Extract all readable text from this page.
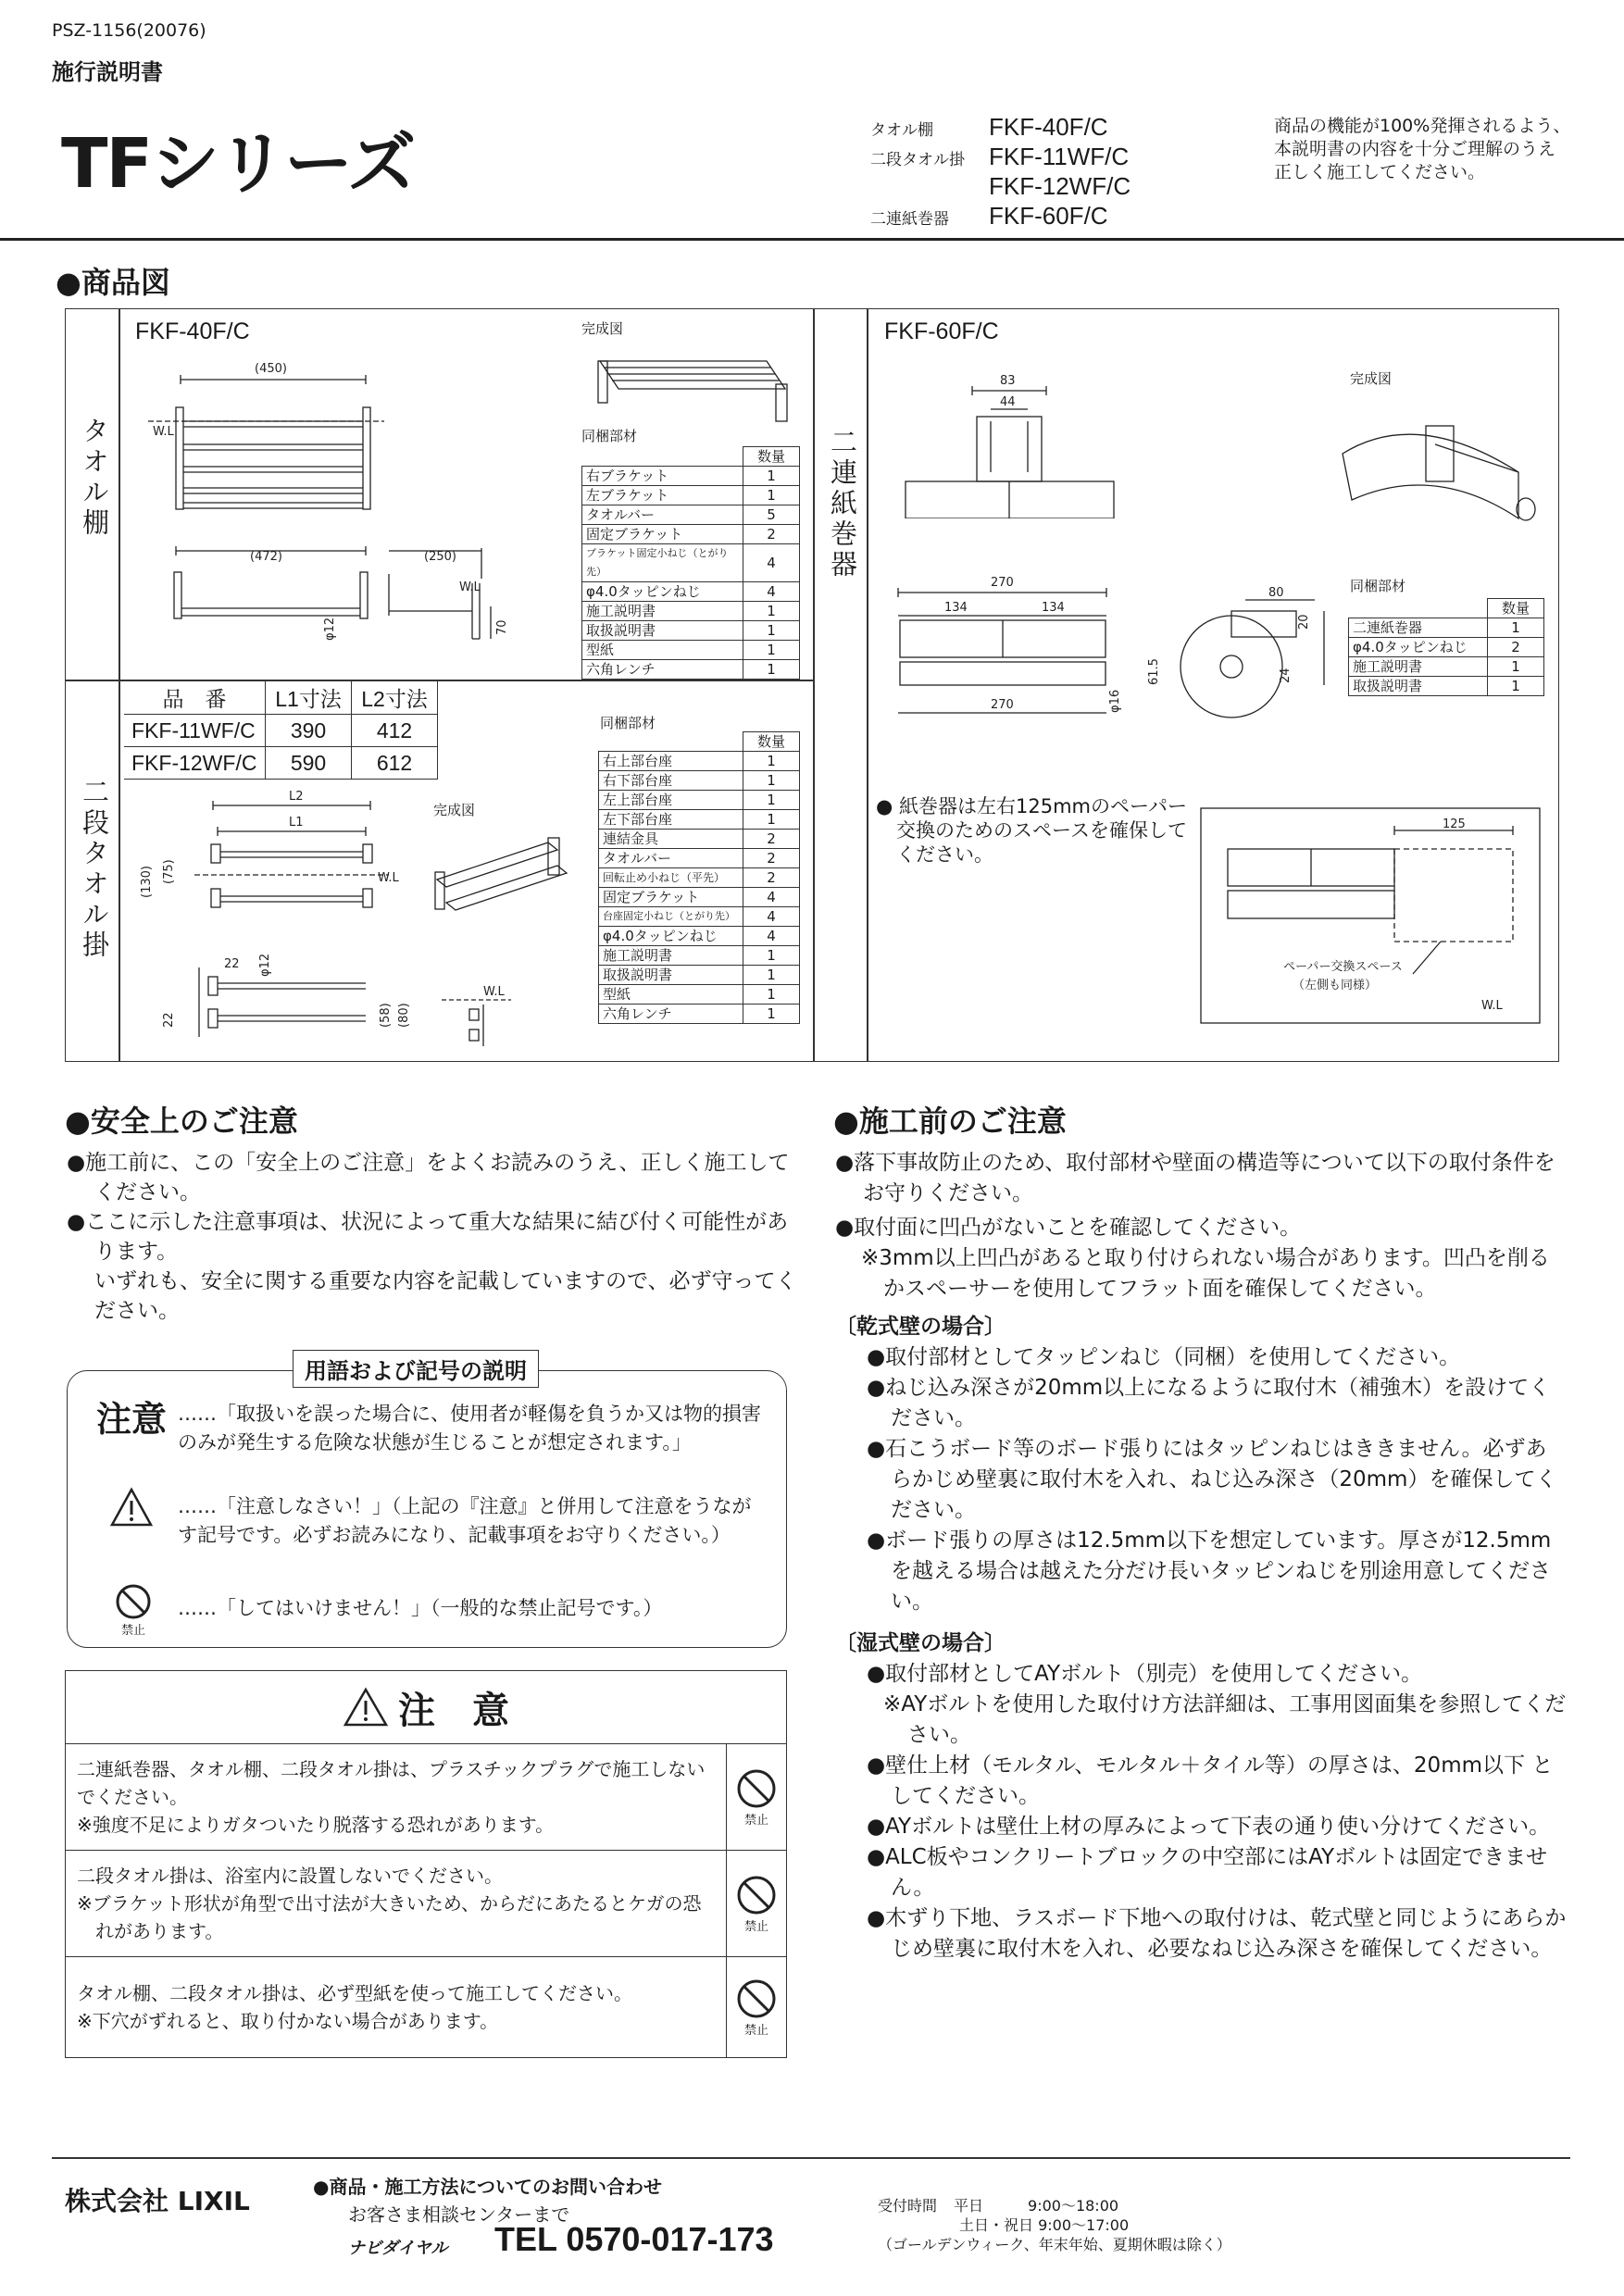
PSZ-1156(20076)
施行説明書
TFシリーズ	タオル棚	FKF-40F/C
二段タオル掛	FKF-11WF/C
FKF-12WF/C
二連紙巻器	FKF-60F/C
商品の機能が100%発揮されるよう、
本説明書の内容を十分ご理解のうえ
正しく施工してください。
●商品図
タオル棚
二段タオル掛
二連紙巻器
FKF-40F/C	完成図
(450)
W.L
(472)	(250)
W.L
φ12	70
同梱部材
	数量
右ブラケット	1
左ブラケット	1
タオルバー	5
固定ブラケット	2
ブラケット固定小ねじ（とがり先）	4
φ4.0タッピンねじ	4
施工説明書	1
取扱説明書	1
型紙	1
六角レンチ	1
品　番	L1寸法	L2寸法
FKF-11WF/C	390	412
FKF-12WF/C	590	612
完成図
L2
L1
(130) (75)	W.L
22 φ12
22	(58) (80)
W.L
同梱部材
	数量
右上部台座	1
右下部台座	1
左上部台座	1
左下部台座	1
連結金具	2
タオルバー	2
回転止め小ねじ（平先）	2
固定ブラケット	4
台座固定小ねじ（とがり先）	4
φ4.0タッピンねじ	4
施工説明書	1
取扱説明書	1
型紙	1
六角レンチ	1
FKF-60F/C
完成図
83
44
270
134	134
270	φ16
80
20
61.5	24
同梱部材
	数量
二連紙巻器	1
φ4.0タッピンねじ	2
施工説明書	1
取扱説明書	1
● 紙巻器は左右125mmのペーパー
交換のためのスペースを確保して
ください。
125
ペーパー交換スペース
（左側も同様）
W.L
●安全上のご注意
●施工前に、この「安全上のご注意」をよくお読みのうえ、正しく施工してください。
●ここに示した注意事項は、状況によって重大な結果に結び付く可能性があります。
いずれも、安全に関する重要な内容を記載していますので、必ず守ってください。
用語および記号の説明
注意 ……「取扱いを誤った場合に、使用者が軽傷を負うか又は物的損害のみが発生する危険な状態が生じることが想定されます。」
……「注意しなさい！」（上記の『注意』と併用して注意をうながす記号です。必ずお読みになり、記載事項をお守りください。）
禁止
……「してはいけません！」（一般的な禁止記号です。）
注　意	

二連紙巻器、タオル棚、二段タオル掛は、プラスチックプラグで施工しないでください。
※強度不足によりガタついたり脱落する恐れがあります。	禁止

二段タオル掛は、浴室内に設置しないでください。
※ブラケット形状が角型で出寸法が大きいため、からだにあたるとケガの恐れがあります。	禁止

タオル棚、二段タオル掛は、必ず型紙を使って施工してください。
※下穴がずれると、取り付かない場合があります。	禁止
●施工前のご注意
●落下事故防止のため、取付部材や壁面の構造等について以下の取付条件をお守りください。
●取付面に凹凸がないことを確認してください。
※3mm以上凹凸があると取り付けられない場合があります。凹凸を削るかスペーサーを使用してフラット面を確保してください。
〔乾式壁の場合〕
●取付部材としてタッピンねじ（同梱）を使用してください。
●ねじ込み深さが20mm以上になるように取付木（補強木）を設けてください。
●石こうボード等のボード張りにはタッピンねじはききません。必ずあらかじめ壁裏に取付木を入れ、ねじ込み深さ（20mm）を確保してください。
●ボード張りの厚さは12.5mm以下を想定しています。厚さが12.5mmを越える場合は越えた分だけ長いタッピンねじを別途用意してください。
〔湿式壁の場合〕
●取付部材としてAYボルト（別売）を使用してください。
※AYボルトを使用した取付け方法詳細は、工事用図面集を参照してください。
●壁仕上材（モルタル、モルタル＋タイル等）の厚さは、20mm以下 としてください。
●AYボルトは壁仕上材の厚みによって下表の通り使い分けてください。
●ALC板やコンクリートブロックの中空部にはAYボルトは固定できません。
●木ずり下地、ラスボード下地への取付けは、乾式壁と同じようにあらかじめ壁裏に取付木を入れ、必要なねじ込み深さを確保してください。
株式会社 LIXIL	●商品・施工方法についてのお問い合わせ
お客さま相談センターまで
ナビダイヤル TEL 0570-017-173
受付時間 平日　　　9:00〜18:00
土日・祝日 9:00〜17:00
（ゴールデンウィーク、年末年始、夏期休暇は除く）
